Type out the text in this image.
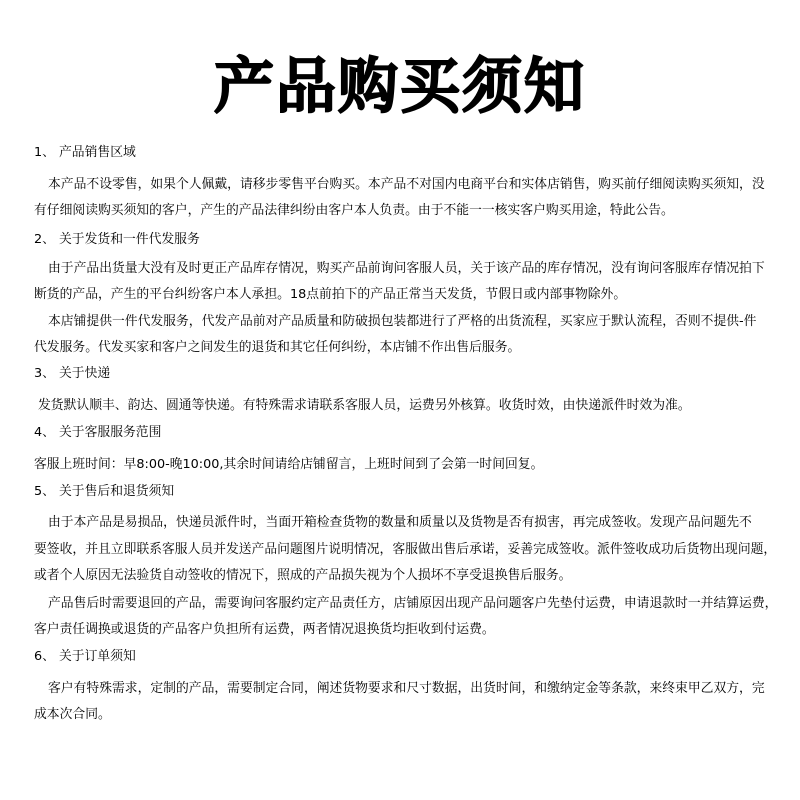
产品购买须知
1、 产品销售区域
本产品不设零售，如果个人佩戴，请移步零售平台购买。本产品不对国内电商平台和实体店销售，购买前仔细阅读购买须知，没
有仔细阅读购买须知的客户，产生的产品法律纠纷由客户本人负责。由于不能一一核实客户购买用途，特此公告。
2、 关于发货和一件代发服务
由于产品出货量大没有及时更正产品库存情况，购买产品前询问客服人员，关于该产品的库存情况，没有询问客服库存情况拍下
断货的产品，产生的平台纠纷客户本人承担。18点前拍下的产品正常当天发货，节假日或内部事物除外。
本店铺提供一件代发服务，代发产品前对产品质量和防破损包装都进行了严格的出货流程，买家应于默认流程，否则不提供-件
代发服务。代发买家和客户之间发生的退货和其它任何纠纷，本店铺不作出售后服务。
3、 关于快递
发货默认顺丰、韵达、圆通等快递。有特殊需求请联系客服人员，运费另外核算。收货时效，由快递派件时效为准。
4、 关于客服服务范围
客服上班时间：早8:00-晚10:00,其余时间请给店铺留言，上班时间到了会第一时间回复。
5、 关于售后和退货须知
由于本产品是易损品，快递员派件时，当面开箱检查货物的数量和质量以及货物是否有损害，再完成签收。发现产品问题先不
要签收，并且立即联系客服人员并发送产品问题图片说明情况，客服做出售后承诺，妥善完成签收。派件签收成功后货物出现问题，
或者个人原因无法验货自动签收的情况下，照成的产品损失视为个人损坏不享受退换售后服务。
产品售后时需要退回的产品，需要询问客服约定产品责任方，店铺原因出现产品问题客户先垫付运费，申请退款时一并结算运费，
客户责任调换或退货的产品客户负担所有运费，两者情况退换货均拒收到付运费。
6、 关于订单须知
客户有特殊需求，定制的产品，需要制定合同，阐述货物要求和尺寸数据，出货时间，和缴纳定金等条款，来终束甲乙双方，完
成本次合同。
